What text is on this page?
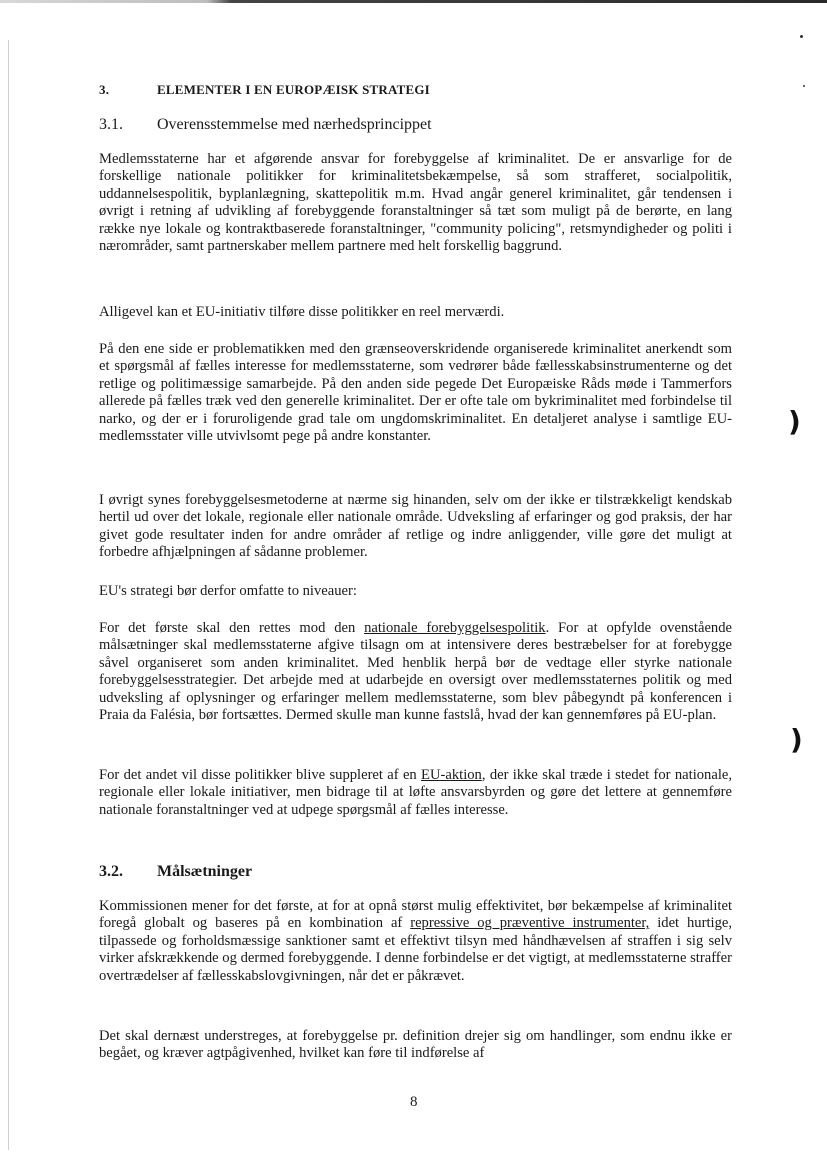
)
)
3.	ELEMENTER I EN EUROPÆISK STRATEGI
3.1. Overensstemmelse med nærhedsprincippet

Medlemsstaterne har et afgørende ansvar for forebyggelse af kriminalitet. De er ansvarlige for de forskellige nationale politikker for kriminalitetsbekæmpelse, så som strafferet, socialpolitik, uddannelsespolitik, byplanlægning, skattepolitik m.m. Hvad angår generel kriminalitet, går tendensen i øvrigt i retning af udvikling af forebyggende foranstaltninger så tæt som muligt på de berørte, en lang række nye lokale og kontraktbaserede foranstaltninger, "community policing", retsmyndigheder og politi i nærområder, samt partnerskaber mellem partnere med helt forskellig baggrund.

Alligevel kan et EU-initiativ tilføre disse politikker en reel merværdi.

På den ene side er problematikken med den grænseoverskridende organiserede kriminalitet anerkendt som et spørgsmål af fælles interesse for medlemsstaterne, som vedrører både fællesskabsinstrumenterne og det retlige og politimæssige samarbejde. På den anden side pegede Det Europæiske Råds møde i Tammerfors allerede på fælles træk ved den generelle kriminalitet. Der er ofte tale om bykriminalitet med forbindelse til narko, og der er i foruroligende grad tale om ungdomskriminalitet. En detaljeret analyse i samtlige EU-medlemsstater ville utvivlsomt pege på andre konstanter.

I øvrigt synes forebyggelsesmetoderne at nærme sig hinanden, selv om der ikke er tilstrækkeligt kendskab hertil ud over det lokale, regionale eller nationale område. Udveksling af erfaringer og god praksis, der har givet gode resultater inden for andre områder af retlige og indre anliggender, ville gøre det muligt at forbedre afhjælpningen af sådanne problemer.

EU's strategi bør derfor omfatte to niveauer:

For det første skal den rettes mod den nationale forebyggelsespolitik. For at opfylde ovenstående målsætninger skal medlemsstaterne afgive tilsagn om at intensivere deres bestræbelser for at forebygge såvel organiseret som anden kriminalitet. Med henblik herpå bør de vedtage eller styrke nationale forebyggelsesstrategier. Det arbejde med at udarbejde en oversigt over medlemsstaternes politik og med udveksling af oplysninger og erfaringer mellem medlemsstaterne, som blev påbegyndt på konferencen i Praia da Falésia, bør fortsættes. Dermed skulle man kunne fastslå, hvad der kan gennemføres på EU-plan.

For det andet vil disse politikker blive suppleret af en EU-aktion, der ikke skal træde i stedet for nationale, regionale eller lokale initiativer, men bidrage til at løfte ansvarsbyrden og gøre det lettere at gennemføre nationale foranstaltninger ved at udpege spørgsmål af fælles interesse.

3.2. Målsætninger

Kommissionen mener for det første, at for at opnå størst mulig effektivitet, bør bekæmpelse af kriminalitet foregå globalt og baseres på en kombination af repressive og præventive instrumenter, idet hurtige, tilpassede og forholdsmæssige sanktioner samt et effektivt tilsyn med håndhævelsen af straffen i sig selv virker afskrækkende og dermed forebyggende. I denne forbindelse er det vigtigt, at medlemsstaterne straffer overtrædelser af fællesskabslovgivningen, når det er påkrævet.

Det skal dernæst understreges, at forebyggelse pr. definition drejer sig om handlinger, som endnu ikke er begået, og kræver agtpågivenhed, hvilket kan føre til indførelse af

8
